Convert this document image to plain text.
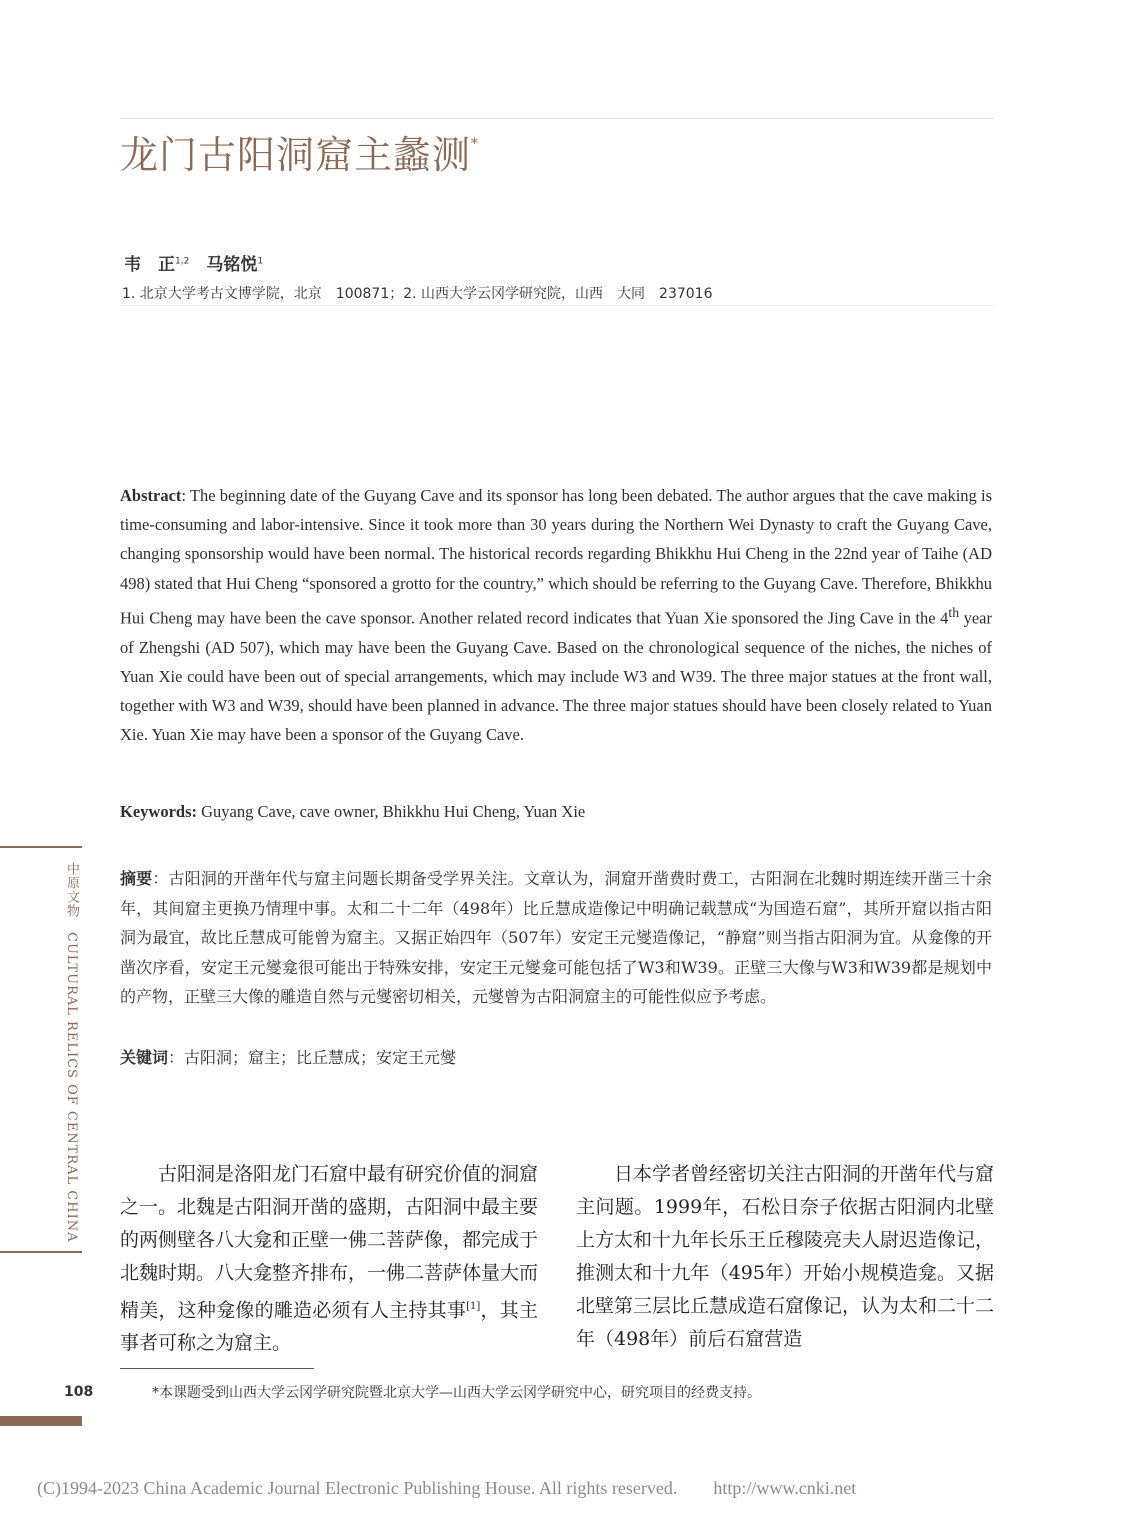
龙门古阳洞窟主蠡测*
韦　正$^{1,2}$　 马铭悦$^1$
1. 北京大学考古文博学院，北京　100871；2. 山西大学云冈学研究院，山西　大同　237016
Abstract: The beginning date of the Guyang Cave and its sponsor has long been debated. The author argues that the cave making is time-consuming and labor-intensive. Since it took more than 30 years during the Northern Wei Dynasty to craft the Guyang Cave, changing sponsorship would have been normal. The historical records regarding Bhikkhu Hui Cheng in the 22nd year of Taihe (AD 498) stated that Hui Cheng “sponsored a grotto for the country,” which should be referring to the Guyang Cave. Therefore, Bhikkhu Hui Cheng may have been the cave sponsor. Another related record indicates that Yuan Xie sponsored the Jing Cave in the 4th year of Zhengshi (AD 507), which may have been the Guyang Cave. Based on the chronological sequence of the niches, the niches of Yuan Xie could have been out of special arrangements, which may include W3 and W39. The three major statues at the front wall, together with W3 and W39, should have been planned in advance. The three major statues should have been closely related to Yuan Xie. Yuan Xie may have been a sponsor of the Guyang Cave.
Keywords: Guyang Cave, cave owner, Bhikkhu Hui Cheng, Yuan Xie
摘要：古阳洞的开凿年代与窟主问题长期备受学界关注。文章认为，洞窟开凿费时费工，古阳洞在北魏时期连续开凿三十余年，其间窟主更换乃情理中事。太和二十二年（498年）比丘慧成造像记中明确记载慧成“为国造石窟”，其所开窟以指古阳洞为最宜，故比丘慧成可能曾为窟主。又据正始四年（507年）安定王元燮造像记，“静窟”则当指古阳洞为宜。从龛像的开凿次序看，安定王元燮龛很可能出于特殊安排，安定王元燮龛可能包括了W3和W39。正壁三大像与W3和W39都是规划中的产物，正壁三大像的雕造自然与元燮密切相关，元燮曾为古阳洞窟主的可能性似应予考虑。
关键词：古阳洞；窟主；比丘慧成；安定王元燮
古阳洞是洛阳龙门石窟中最有研究价值的洞窟之一。北魏是古阳洞开凿的盛期，古阳洞中最主要的两侧壁各八大龛和正壁一佛二菩萨像，都完成于北魏时期。八大龛整齐排布，一佛二菩萨体量大而精美，这种龛像的雕造必须有人主持其事[1]，其主事者可称之为窟主。
日本学者曾经密切关注古阳洞的开凿年代与窟主问题。1999年，石松日奈子依据古阳洞内北壁上方太和十九年长乐王丘穆陵亮夫人尉迟造像记，推测太和十九年（495年）开始小规模造龛。又据北壁第三层比丘慧成造石窟像记，认为太和二十二年（498年）前后石窟营造
*本课题受到山西大学云冈学研究院暨北京大学—山西大学云冈学研究中心，研究项目的经费支持。
中原文物　CULTURAL RELICS OF CENTRAL CHINA
108
(C)1994-2023 China Academic Journal Electronic Publishing House. All rights reserved.　　http://www.cnki.net
